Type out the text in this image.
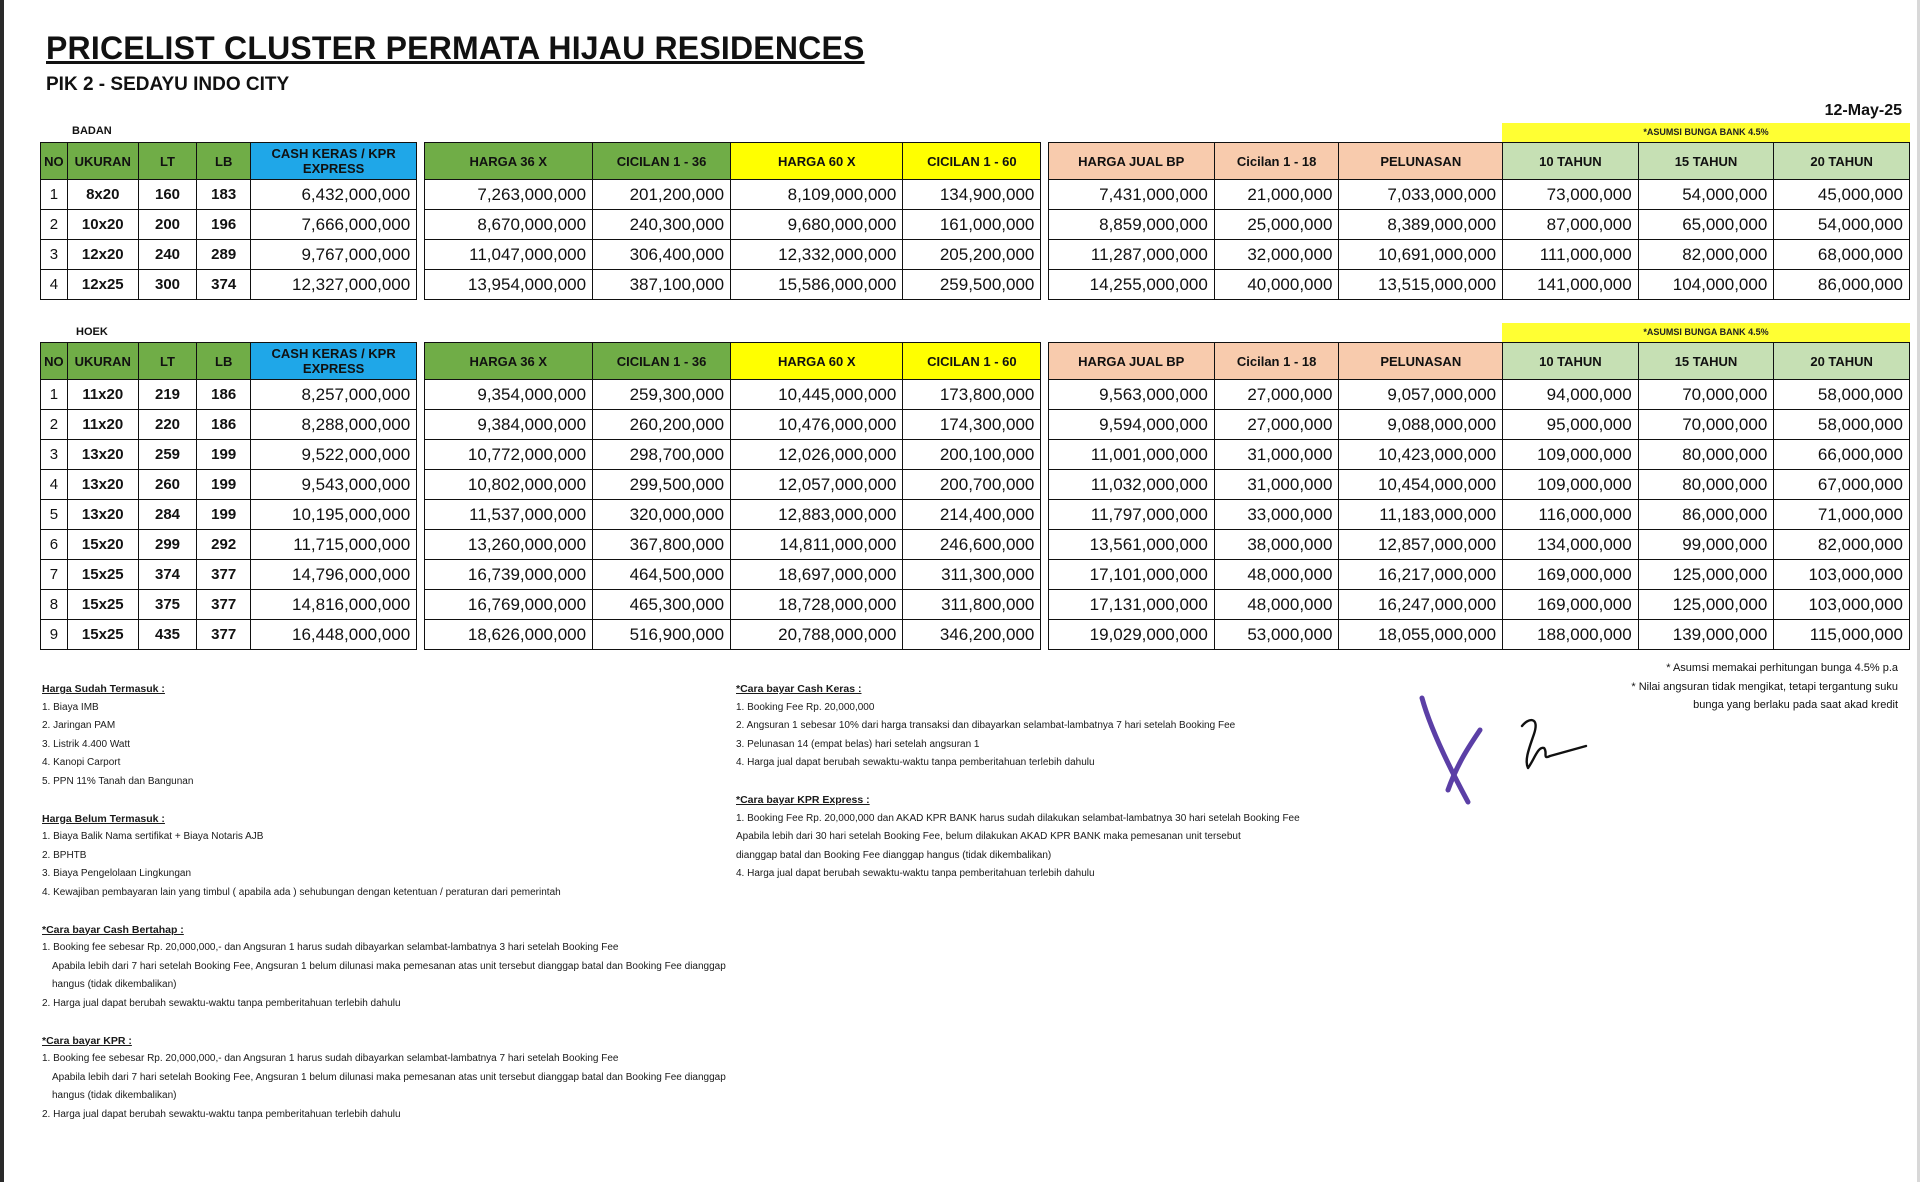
PRICELIST CLUSTER PERMATA HIJAU RESIDENCES
PIK 2 - SEDAYU INDO CITY
12-May-25
BADAN	*ASUMSI BUNGA BANK 4.5%
NO	UKURAN	LT	LB	CASH KERAS / KPR EXPRESS		HARGA 36 X	CICILAN 1 - 36	HARGA 60 X	CICILAN 1 - 60		HARGA JUAL BP	Cicilan 1 - 18	PELUNASAN	10 TAHUN	15 TAHUN	20 TAHUN
1	8x20	160	183	6,432,000,000		7,263,000,000	201,200,000	8,109,000,000	134,900,000		7,431,000,000	21,000,000	7,033,000,000	73,000,000	54,000,000	45,000,000
2	10x20	200	196	7,666,000,000		8,670,000,000	240,300,000	9,680,000,000	161,000,000		8,859,000,000	25,000,000	8,389,000,000	87,000,000	65,000,000	54,000,000
3	12x20	240	289	9,767,000,000		11,047,000,000	306,400,000	12,332,000,000	205,200,000		11,287,000,000	32,000,000	10,691,000,000	111,000,000	82,000,000	68,000,000
4	12x25	300	374	12,327,000,000		13,954,000,000	387,100,000	15,586,000,000	259,500,000		14,255,000,000	40,000,000	13,515,000,000	141,000,000	104,000,000	86,000,000
HOEK	*ASUMSI BUNGA BANK 4.5%
NO	UKURAN	LT	LB	CASH KERAS / KPR EXPRESS		HARGA 36 X	CICILAN 1 - 36	HARGA 60 X	CICILAN 1 - 60		HARGA JUAL BP	Cicilan 1 - 18	PELUNASAN	10 TAHUN	15 TAHUN	20 TAHUN
1	11x20	219	186	8,257,000,000		9,354,000,000	259,300,000	10,445,000,000	173,800,000		9,563,000,000	27,000,000	9,057,000,000	94,000,000	70,000,000	58,000,000
2	11x20	220	186	8,288,000,000		9,384,000,000	260,200,000	10,476,000,000	174,300,000		9,594,000,000	27,000,000	9,088,000,000	95,000,000	70,000,000	58,000,000
3	13x20	259	199	9,522,000,000		10,772,000,000	298,700,000	12,026,000,000	200,100,000		11,001,000,000	31,000,000	10,423,000,000	109,000,000	80,000,000	66,000,000
4	13x20	260	199	9,543,000,000		10,802,000,000	299,500,000	12,057,000,000	200,700,000		11,032,000,000	31,000,000	10,454,000,000	109,000,000	80,000,000	67,000,000
5	13x20	284	199	10,195,000,000		11,537,000,000	320,000,000	12,883,000,000	214,400,000		11,797,000,000	33,000,000	11,183,000,000	116,000,000	86,000,000	71,000,000
6	15x20	299	292	11,715,000,000		13,260,000,000	367,800,000	14,811,000,000	246,600,000		13,561,000,000	38,000,000	12,857,000,000	134,000,000	99,000,000	82,000,000
7	15x25	374	377	14,796,000,000		16,739,000,000	464,500,000	18,697,000,000	311,300,000		17,101,000,000	48,000,000	16,217,000,000	169,000,000	125,000,000	103,000,000
8	15x25	375	377	14,816,000,000		16,769,000,000	465,300,000	18,728,000,000	311,800,000		17,131,000,000	48,000,000	16,247,000,000	169,000,000	125,000,000	103,000,000
9	15x25	435	377	16,448,000,000		18,626,000,000	516,900,000	20,788,000,000	346,200,000		19,029,000,000	53,000,000	18,055,000,000	188,000,000	139,000,000	115,000,000
* Asumsi memakai perhitungan bunga 4.5% p.a
* Nilai angsuran tidak mengikat, tetapi tergantung suku
bunga yang berlaku pada saat akad kredit
Harga Sudah Termasuk :
1. Biaya IMB
2. Jaringan PAM
3. Listrik 4.400 Watt
4. Kanopi Carport
5. PPN 11% Tanah dan Bangunan
Harga Belum Termasuk :
1. Biaya Balik Nama sertifikat + Biaya Notaris AJB
2. BPHTB
3. Biaya Pengelolaan Lingkungan
4. Kewajiban pembayaran lain yang timbul ( apabila ada ) sehubungan dengan ketentuan / peraturan dari pemerintah
*Cara bayar Cash Bertahap :
1. Booking fee sebesar Rp. 20,000,000,- dan Angsuran 1 harus sudah dibayarkan selambat-lambatnya 3 hari setelah Booking Fee
Apabila lebih dari 7 hari setelah Booking Fee, Angsuran 1 belum dilunasi maka pemesanan atas unit tersebut dianggap batal dan Booking Fee dianggap hangus (tidak dikembalikan)
2. Harga jual dapat berubah sewaktu-waktu tanpa pemberitahuan terlebih dahulu
*Cara bayar KPR :
1. Booking fee sebesar Rp. 20,000,000,- dan Angsuran 1 harus sudah dibayarkan selambat-lambatnya 7 hari setelah Booking Fee
Apabila lebih dari 7 hari setelah Booking Fee, Angsuran 1 belum dilunasi maka pemesanan atas unit tersebut dianggap batal dan Booking Fee dianggap hangus (tidak dikembalikan)
2. Harga jual dapat berubah sewaktu-waktu tanpa pemberitahuan terlebih dahulu
*Cara bayar Cash Keras :
1. Booking Fee Rp. 20,000,000
2. Angsuran 1 sebesar 10% dari harga transaksi dan dibayarkan selambat-lambatnya 7 hari setelah Booking Fee
3. Pelunasan 14 (empat belas) hari setelah angsuran 1
4. Harga jual dapat berubah sewaktu-waktu tanpa pemberitahuan terlebih dahulu
*Cara bayar KPR Express :
1. Booking Fee Rp. 20,000,000 dan AKAD KPR BANK harus sudah dilakukan selambat-lambatnya 30 hari setelah Booking Fee
Apabila lebih dari 30 hari setelah Booking Fee, belum dilakukan AKAD KPR BANK maka pemesanan unit tersebut
dianggap batal dan Booking Fee dianggap hangus (tidak dikembalikan)
4. Harga jual dapat berubah sewaktu-waktu tanpa pemberitahuan terlebih dahulu
